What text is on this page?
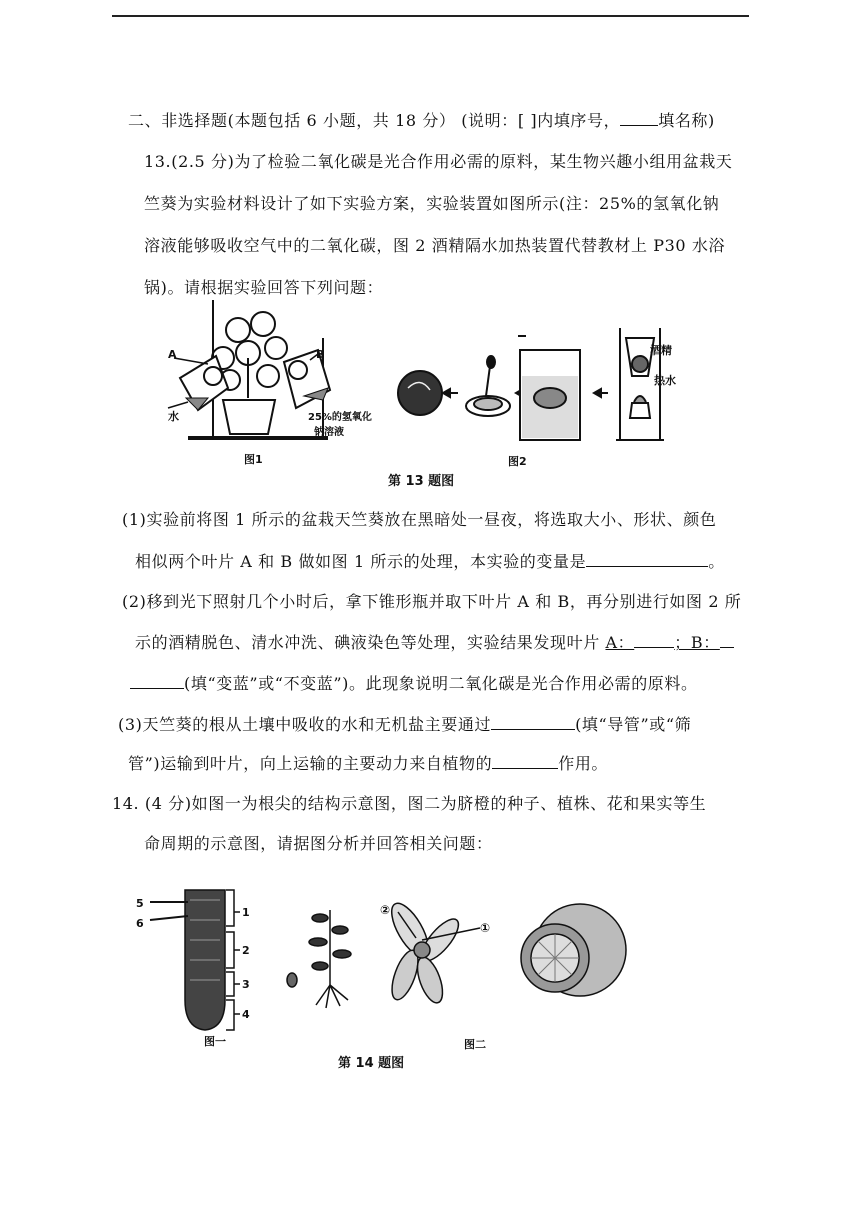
二、非选择题(本题包括 6 小题，共 18 分） (说明：[ ]内填序号， 填名称)
13.(2.5 分)为了检验二氧化碳是光合作用必需的原料，某生物兴趣小组用盆栽天
竺葵为实验材料设计了如下实验方案，实验装置如图所示(注：25%的氢氧化钠
溶液能够吸收空气中的二氧化碳，图 2 酒精隔水加热装置代替教材上 P30 水浴
锅)。请根据实验回答下列问题：
A	B
水	25%的氢氧化
钠溶液
图1
酒精
热水
图2
第 13 题图
(1)实验前将图 1 所示的盆栽天竺葵放在黑暗处一昼夜，将选取大小、形状、颜色
相似两个叶片 A 和 B 做如图 1 所示的处理，本实验的变量是	。
(2)移到光下照射几个小时后，拿下锥形瓶并取下叶片 A 和 B，再分别进行如图 2 所
示的酒精脱色、清水冲洗、碘液染色等处理，实验结果发现叶片 A：	；B：
(填“变蓝”或“不变蓝”)。此现象说明二氧化碳是光合作用必需的原料。
(3)天竺葵的根从土壤中吸收的水和无机盐主要通过	(填“导管”或“筛
管”)运输到叶片，向上运输的主要动力来自植物的	作用。
14. (4 分)如图一为根尖的结构示意图，图二为脐橙的种子、植株、花和果实等生
命周期的示意图，请据图分析并回答相关问题：
5
6
1
2
3
4
图一
②
①
图二
第 14 题图
